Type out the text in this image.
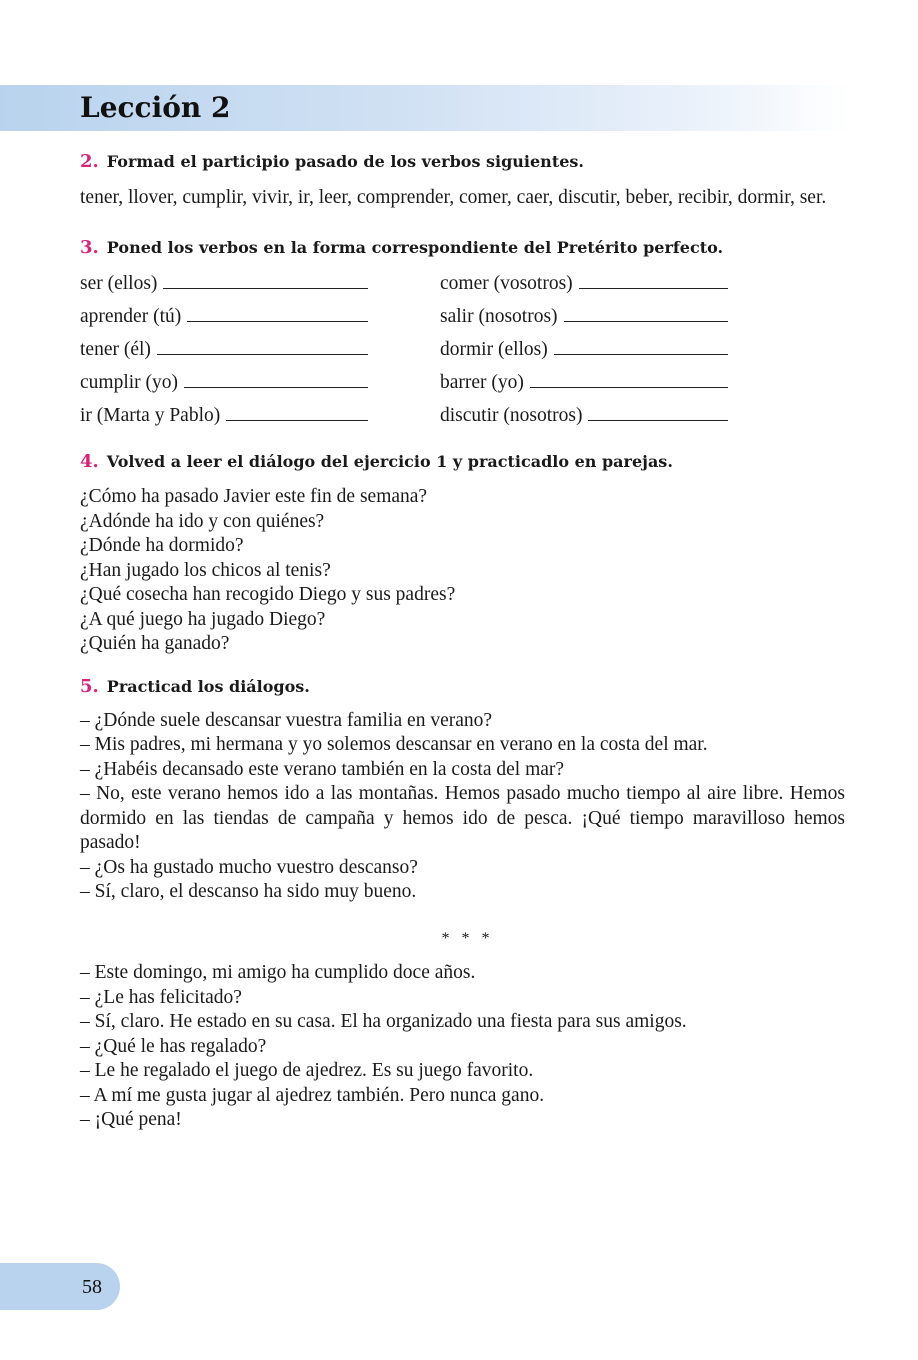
Lección 2

2. Formad el participio pasado de los verbos siguientes.

tener, llover, cumplir, vivir, ir, leer, comprender, comer, caer, discutir, beber, recibir, dormir, ser.

3. Poned los verbos en la forma correspondiente del Pretérito perfecto.

ser (ellos)	comer (vosotros)
aprender (tú)	salir (nosotros)
tener (él)	dormir (ellos)
cumplir (yo)	barrer (yo)
ir (Marta y Pablo)	discutir (nosotros)

4. Volved a leer el diálogo del ejercicio 1 y practicadlo en parejas.

¿Cómo ha pasado Javier este fin de semana?

¿Adónde ha ido y con quiénes?

¿Dónde ha dormido?

¿Han jugado los chicos al tenis?

¿Qué cosecha han recogido Diego y sus padres?

¿A qué juego ha jugado Diego?

¿Quién ha ganado?

5. Practicad los diálogos.

– ¿Dónde suele descansar vuestra familia en verano?

– Mis padres, mi hermana y yo solemos descansar en verano en la costa del mar.

– ¿Habéis decansado este verano también en la costa del mar?

– No, este verano hemos ido a las montañas. Hemos pasado mucho tiempo al aire libre. Hemos dormido en las tiendas de campaña y hemos ido de pesca. ¡Qué tiempo maravilloso hemos pasado!

– ¿Os ha gustado mucho vuestro descanso?

– Sí, claro, el descanso ha sido muy bueno.

* * *

– Este domingo, mi amigo ha cumplido doce años.

– ¿Le has felicitado?

– Sí, claro. He estado en su casa. El ha organizado una fiesta para sus amigos.

– ¿Qué le has regalado?

– Le he regalado el juego de ajedrez. Es su juego favorito.

– A mí me gusta jugar al ajedrez también. Pero nunca gano.

– ¡Qué pena!

58
